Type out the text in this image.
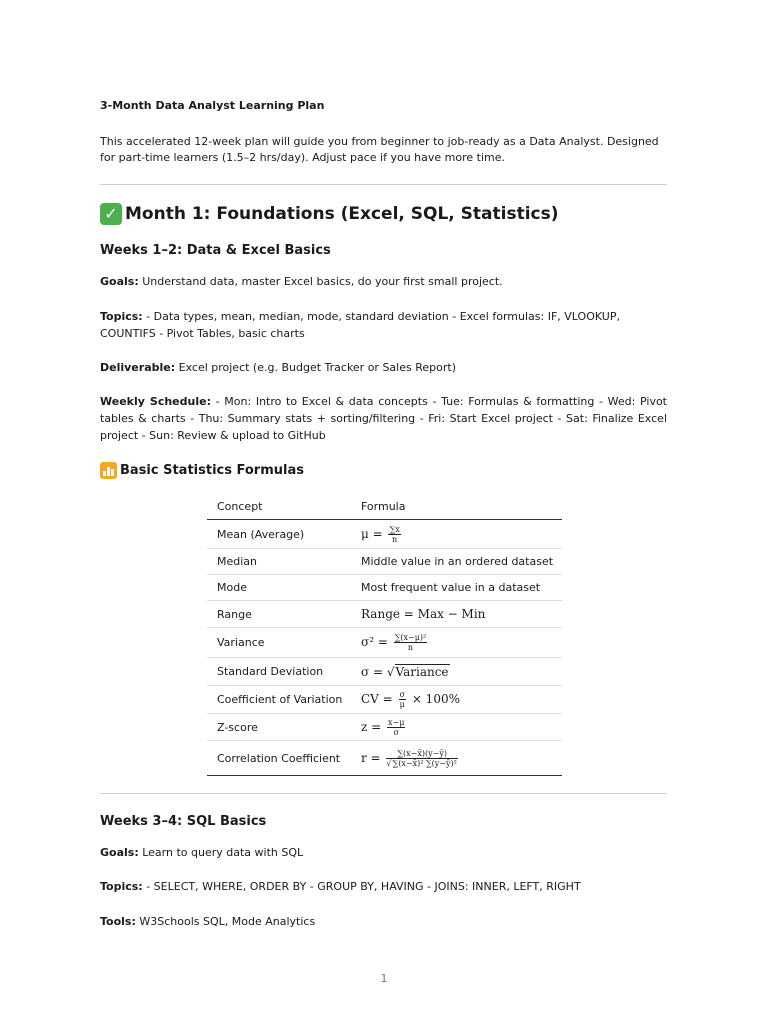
3-Month Data Analyst Learning Plan
This accelerated 12-week plan will guide you from beginner to job-ready as a Data Analyst. Designed for part-time learners (1.5–2 hrs/day). Adjust pace if you have more time.
✓ Month 1: Foundations (Excel, SQL, Statistics)
Weeks 1–2: Data & Excel Basics
Goals: Understand data, master Excel basics, do your first small project.
Topics: - Data types, mean, median, mode, standard deviation - Excel formulas: IF, VLOOKUP, COUNTIFS - Pivot Tables, basic charts
Deliverable: Excel project (e.g. Budget Tracker or Sales Report)
Weekly Schedule: - Mon: Intro to Excel & data concepts - Tue: Formulas & formatting - Wed: Pivot tables & charts - Thu: Summary stats + sorting/filtering - Fri: Start Excel project - Sat: Finalize Excel project - Sun: Review & upload to GitHub
Basic Statistics Formulas
Concept	Formula
Mean (Average)	$\mu = \frac{\sum x}{n}$

Median	Middle value in an ordered dataset
Mode	Most frequent value in a dataset
Range	Range = Max − Min
Variance	$\sigma^2 = \frac{\text{∑(x−μ)²}}{n}$

Standard Deviation	σ = √Variance
Coefficient of Variation	CV = $\frac{\sigma}{\mu} \times 100\%$
Z-score	$z = \frac{x-\mu}{\sigma}$

Correlation Coefficient	$r = \frac{\sum(x-x̄)(y-ȳ)}{\text{√∑(x−x̄)² ∑(y−ȳ)²}}$
Weeks 3–4: SQL Basics
Goals: Learn to query data with SQL
Topics: - SELECT, WHERE, ORDER BY - GROUP BY, HAVING - JOINS: INNER, LEFT, RIGHT
Tools: W3Schools SQL, Mode Analytics
1
